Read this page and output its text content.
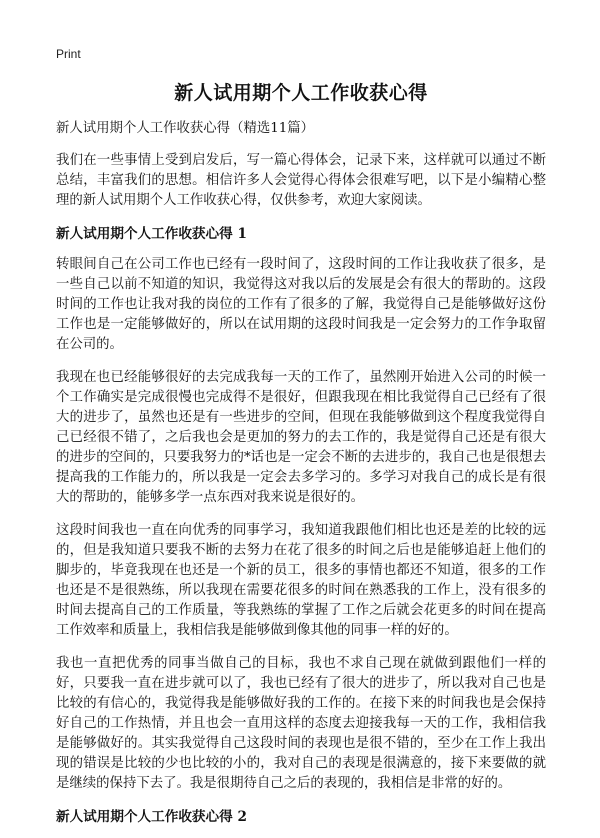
Print
新人试用期个人工作收获心得

新人试用期个人工作收获心得（精选11篇）

我们在一些事情上受到启发后，写一篇心得体会，记录下来，这样就可以通过不断总结，丰富我们的思想。相信许多人会觉得心得体会很难写吧，以下是小编精心整理的新人试用期个人工作收获心得，仅供参考，欢迎大家阅读。

新人试用期个人工作收获心得 1

转眼间自己在公司工作也已经有一段时间了，这段时间的工作让我收获了很多，是一些自己以前不知道的知识，我觉得这对我以后的发展是会有很大的帮助的。这段时间的工作也让我对我的岗位的工作有了很多的了解，我觉得自己是能够做好这份工作也是一定能够做好的，所以在试用期的这段时间我是一定会努力的工作争取留在公司的。

我现在也已经能够很好的去完成我每一天的工作了，虽然刚开始进入公司的时候一个工作确实是完成很慢也完成得不是很好，但跟我现在相比我觉得自己已经有了很大的进步了，虽然也还是有一些进步的空间，但现在我能够做到这个程度我觉得自己已经很不错了，之后我也会是更加的努力的去工作的，我是觉得自己还是有很大的进步的空间的，只要我努力的*话也是一定会不断的去进步的，我自己也是很想去提高我的工作能力的，所以我是一定会去多学习的。多学习对我自己的成长是有很大的帮助的，能够多学一点东西对我来说是很好的。

这段时间我也一直在向优秀的同事学习，我知道我跟他们相比也还是差的比较的远的，但是我知道只要我不断的去努力在花了很多的时间之后也是能够追赶上他们的脚步的，毕竟我现在也还是一个新的员工，很多的事情也都还不知道，很多的工作也还是不是很熟练，所以我现在需要花很多的时间在熟悉我的工作上，没有很多的时间去提高自己的工作质量，等我熟练的掌握了工作之后就会花更多的时间在提高工作效率和质量上，我相信我是能够做到像其他的同事一样的好的。

我也一直把优秀的同事当做自己的目标，我也不求自己现在就做到跟他们一样的好，只要我一直在进步就可以了，我也已经有了很大的进步了，所以我对自己也是比较的有信心的，我觉得我是能够做好我的工作的。在接下来的时间我也是会保持好自己的工作热情，并且也会一直用这样的态度去迎接我每一天的工作，我相信我是能够做好的。其实我觉得自己这段时间的表现也是很不错的，至少在工作上我出现的错误是比较的少也比较的小的，我对自己的表现是很满意的，接下来要做的就是继续的保持下去了。我是很期待自己之后的表现的，我相信是非常的好的。

新人试用期个人工作收获心得 2
